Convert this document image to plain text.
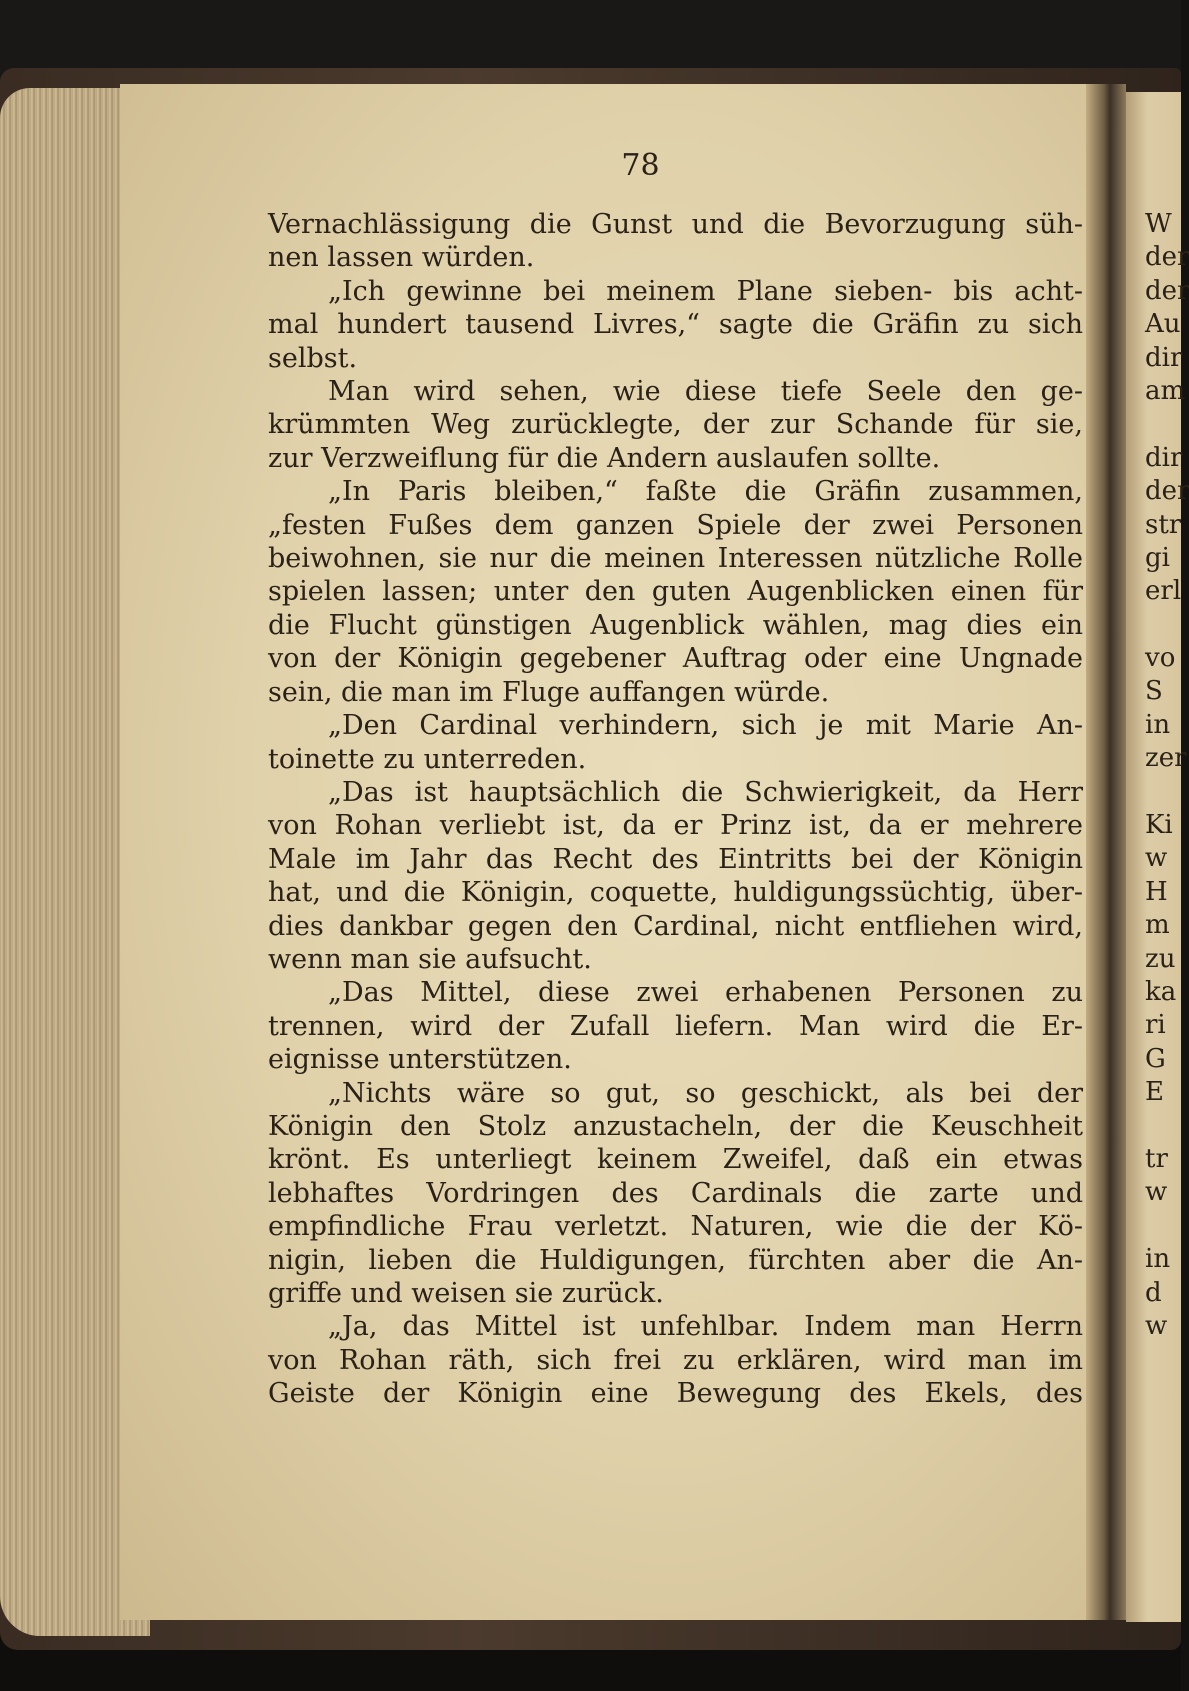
78
Vernachlässigung die Gunst und die Bevorzugung süh-
nen lassen würden.
„Ich gewinne bei meinem Plane sieben- bis acht-
mal hundert tausend Livres,“ sagte die Gräfin zu sich
selbst.
Man wird sehen, wie diese tiefe Seele den ge-
krümmten Weg zurücklegte, der zur Schande für sie,
zur Verzweiflung für die Andern auslaufen sollte.
„In Paris bleiben,“ faßte die Gräfin zusammen,
„festen Fußes dem ganzen Spiele der zwei Personen
beiwohnen, sie nur die meinen Interessen nützliche Rolle
spielen lassen; unter den guten Augenblicken einen für
die Flucht günstigen Augenblick wählen, mag dies ein
von der Königin gegebener Auftrag oder eine Ungnade
sein, die man im Fluge auffangen würde.
„Den Cardinal verhindern, sich je mit Marie An-
toinette zu unterreden.
„Das ist hauptsächlich die Schwierigkeit, da Herr
von Rohan verliebt ist, da er Prinz ist, da er mehrere
Male im Jahr das Recht des Eintritts bei der Königin
hat, und die Königin, coquette, huldigungssüchtig, über-
dies dankbar gegen den Cardinal, nicht entfliehen wird,
wenn man sie aufsucht.
„Das Mittel, diese zwei erhabenen Personen zu
trennen, wird der Zufall liefern. Man wird die Er-
eignisse unterstützen.
„Nichts wäre so gut, so geschickt, als bei der
Königin den Stolz anzustacheln, der die Keuschheit
krönt. Es unterliegt keinem Zweifel, daß ein etwas
lebhaftes Vordringen des Cardinals die zarte und
empfindliche Frau verletzt. Naturen, wie die der Kö-
nigin, lieben die Huldigungen, fürchten aber die An-
griffe und weisen sie zurück.
„Ja, das Mittel ist unfehlbar. Indem man Herrn
von Rohan räth, sich frei zu erklären, wird man im
Geiste der Königin eine Bewegung des Ekels, des
W
der
der
Au
dir
am
dir
der
str
gi
erl
vo
S
in
zer
Ki
w
H
m
zu
ka
ri
G
E
tr
w
in
d
w
